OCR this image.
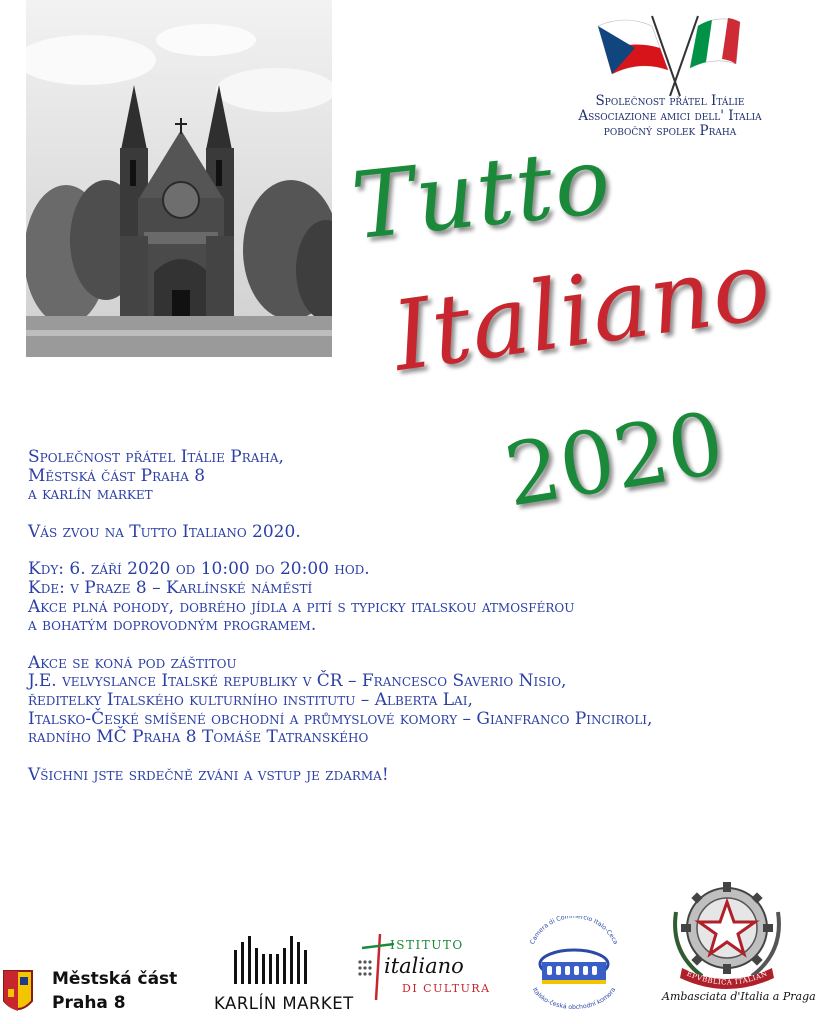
Společnost přátel Itálie
Associazione amici dell' Italia
pobočný spolek Praha
Tutto
Italiano
2020

Společnost přátel Itálie Praha,

Městská část Praha 8

a karlín market

Vás zvou na Tutto Italiano 2020.

Kdy: 6. září 2020 od 10:00 do 20:00 hod.

Kde: v Praze 8 – Karlínské náměstí

Akce plná pohody, dobrého jídla a pití s typicky italskou atmosférou

a bohatým doprovodným programem.

Akce se koná pod záštitou

J.E. velvyslance Italské republiky v ČR – Francesco Saverio Nisio,

ředitelky Italského kulturního institutu – Alberta Lai,

Italsko-České smíšené obchodní a průmyslové komory – Gianfranco Pinciroli,

radního MČ Praha 8 Tomáše Tatranského

Všichni jste srdečně zváni a vstup je zdarma!

Městská část
Praha 8	KARLÍN MARKET
ISTITUTO
italiano
DI CULTURA
Camera di Commercio Italo-Ceca
Italsko-česká obchodní komora
EPVBBLICA ITALIAN
Ambasciata d'Italia a Praga
